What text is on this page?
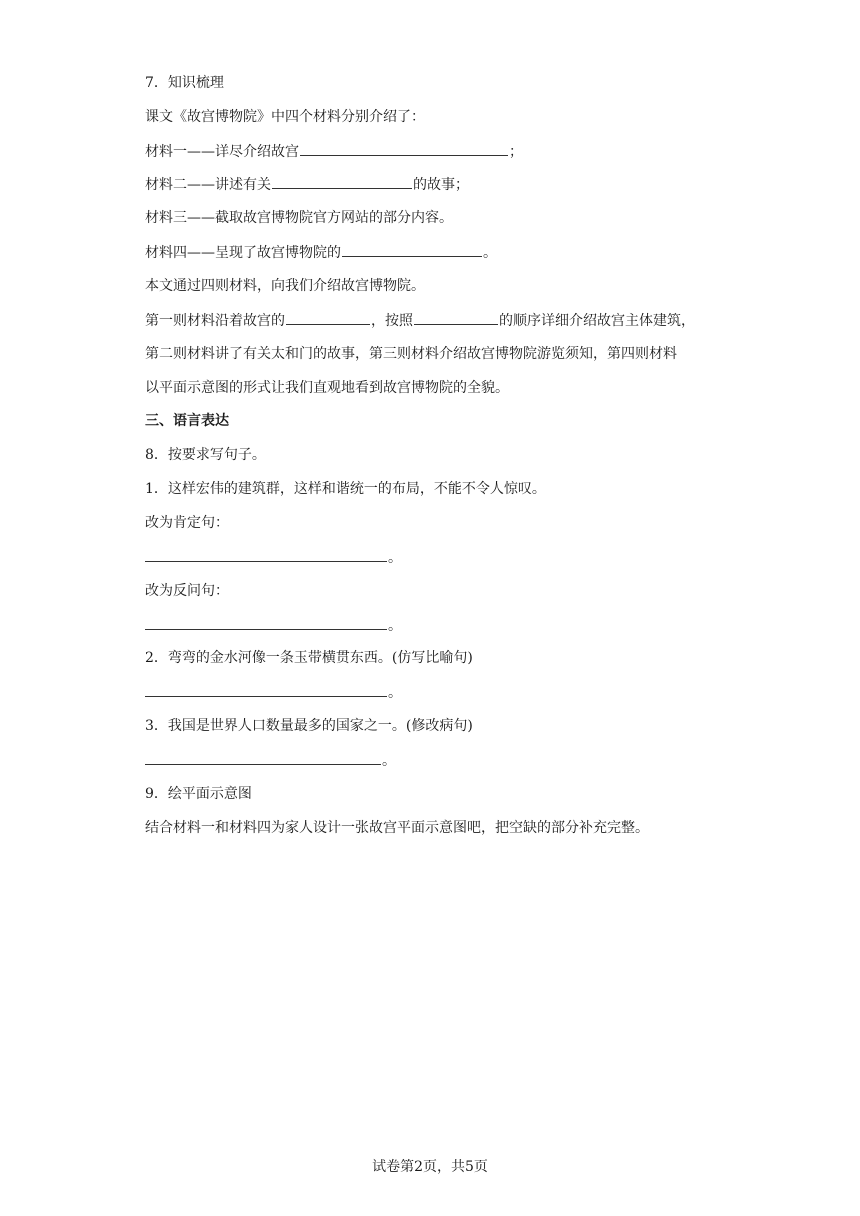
7．知识梳理
课文《故宫博物院》中四个材料分别介绍了：
材料一——详尽介绍故宫	；
材料二——讲述有关	的故事；
材料三——截取故宫博物院官方网站的部分内容。
材料四——呈现了故宫博物院的	。
本文通过四则材料，向我们介绍故宫博物院。
第一则材料沿着故宫的	，按照	的顺序详细介绍故宫主体建筑，
第二则材料讲了有关太和门的故事，第三则材料介绍故宫博物院游览须知，第四则材料
以平面示意图的形式让我们直观地看到故宫博物院的全貌。
三、语言表达
8．按要求写句子。
1．这样宏伟的建筑群，这样和谐统一的布局，不能不令人惊叹。
改为肯定句：
。
改为反问句：
。
2．弯弯的金水河像一条玉带横贯东西。(仿写比喻句)
。
3．我国是世界人口数量最多的国家之一。(修改病句)
。
9．绘平面示意图
结合材料一和材料四为家人设计一张故宫平面示意图吧，把空缺的部分补充完整。
试卷第2页，共5页
